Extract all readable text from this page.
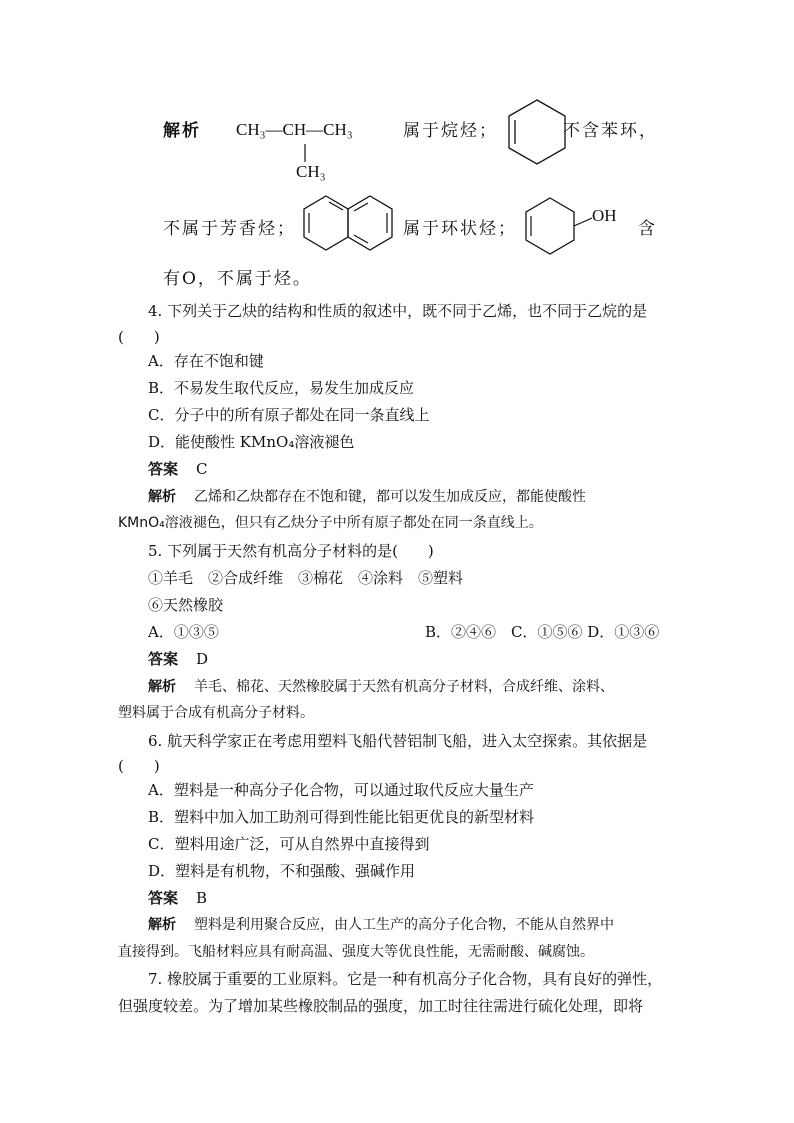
解析	CH₃—CH—CH₃
CH₃
属于烷烃；	不含苯环，
不属于芳香烃；	属于环状烃；
OH
含
有O，不属于烃。
4. 下列关于乙炔的结构和性质的叙述中，既不同于乙烯，也不同于乙烷的是
(　　)
A．存在不饱和键
B．不易发生取代反应，易发生加成反应
C．分子中的所有原子都处在同一条直线上
D．能使酸性 KMnO₄溶液褪色
答案 C
解析 乙烯和乙炔都存在不饱和键，都可以发生加成反应，都能使酸性
KMnO₄溶液褪色，但只有乙炔分子中所有原子都处在同一条直线上。
5. 下列属于天然有机高分子材料的是(　　)
①羊毛　②合成纤维　③棉花　④涂料　⑤塑料
⑥天然橡胶
A．①③⑤	B．②④⑥　C．①⑤⑥ D．①③⑥
答案 D
解析 羊毛、棉花、天然橡胶属于天然有机高分子材料，合成纤维、涂料、
塑料属于合成有机高分子材料。
6. 航天科学家正在考虑用塑料飞船代替铝制飞船，进入太空探索。其依据是
(　　)
A．塑料是一种高分子化合物，可以通过取代反应大量生产
B．塑料中加入加工助剂可得到性能比铝更优良的新型材料
C．塑料用途广泛，可从自然界中直接得到
D．塑料是有机物，不和强酸、强碱作用
答案 B
解析 塑料是利用聚合反应，由人工生产的高分子化合物，不能从自然界中
直接得到。飞船材料应具有耐高温、强度大等优良性能，无需耐酸、碱腐蚀。
7. 橡胶属于重要的工业原料。它是一种有机高分子化合物，具有良好的弹性，
但强度较差。为了增加某些橡胶制品的强度，加工时往往需进行硫化处理，即将
